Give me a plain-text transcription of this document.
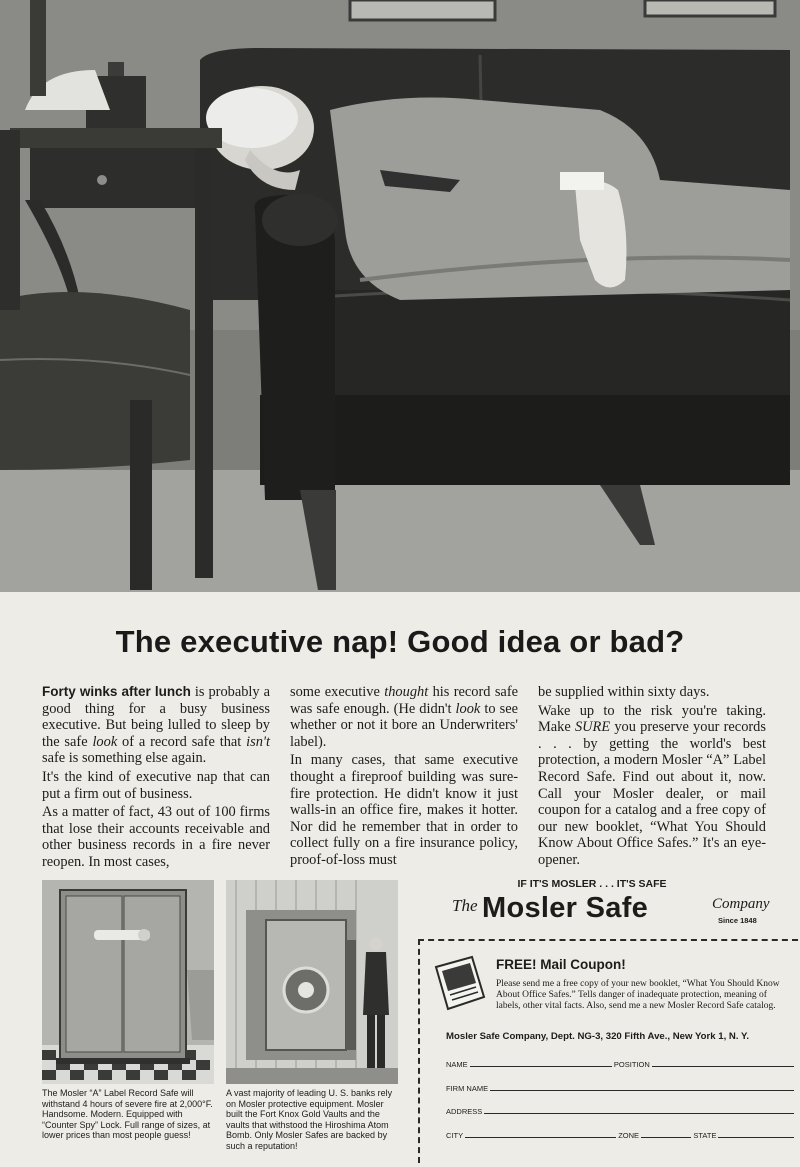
The executive nap! Good idea or bad?

Forty winks after lunch is probably a good thing for a busy business executive. But being lulled to sleep by the safe look of a record safe that isn't safe is something else again.

It's the kind of executive nap that can put a firm out of business.

As a matter of fact, 43 out of 100 firms that lose their accounts receivable and other business records in a fire never reopen. In most cases,

some executive thought his record safe was safe enough. (He didn't look to see whether or not it bore an Underwriters' label).

In many cases, that same executive thought a fireproof building was sure-fire protection. He didn't know it just walls-in an office fire, makes it hotter. Nor did he remember that in order to collect fully on a fire insurance policy, proof-of-loss must

be supplied within sixty days.

Wake up to the risk you're taking. Make SURE you preserve your records . . . by getting the world's best protection, a modern Mosler “A” Label Record Safe. Find out about it, now. Call your Mosler dealer, or mail coupon for a catalog and a free copy of our new booklet, “What You Should Know About Office Safes.” It's an eye-opener.

The Mosler “A” Label Record Safe will withstand 4 hours of severe fire at 2,000°F. Handsome. Modern. Equipped with “Counter Spy” Lock. Full range of sizes, at lower prices than most people guess!
A vast majority of leading U. S. banks rely on Mosler protective equipment. Mosler built the Fort Knox Gold Vaults and the vaults that withstood the Hiroshima Atom Bomb. Only Mosler Safes are backed by such a reputation!
IF IT'S MOSLER . . . IT'S SAFE
The Mosler Safe	Company
Since 1848
FREE! Mail Coupon!
Please send me a free copy of your new booklet, “What You Should Know About Office Safes.” Tells danger of inadequate protection, meaning of labels, other vital facts. Also, send me a new Mosler Record Safe catalog.
Mosler Safe Company, Dept. NG-3, 320 Fifth Ave., New York 1, N. Y.
NAME	POSITION
FIRM NAME
ADDRESS
CITY	ZONE	STATE
